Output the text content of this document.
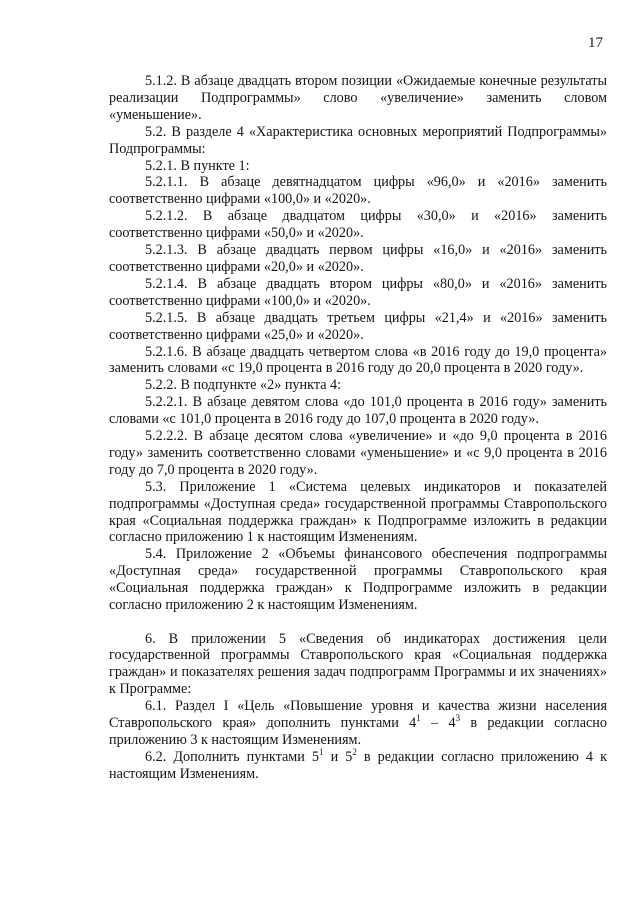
17

5.1.2. В абзаце двадцать втором позиции «Ожидаемые конечные результаты реализации Подпрограммы» слово «увеличение» заменить словом «уменьшение».

5.2. В разделе 4 «Характеристика основных мероприятий Подпрограммы» Подпрограммы:

5.2.1. В пункте 1:

5.2.1.1. В абзаце девятнадцатом цифры «96,0» и «2016» заменить соответственно цифрами «100,0» и «2020».

5.2.1.2. В абзаце двадцатом цифры «30,0» и «2016» заменить соответственно цифрами «50,0» и «2020».

5.2.1.3. В абзаце двадцать первом цифры «16,0» и «2016» заменить соответственно цифрами «20,0» и «2020».

5.2.1.4. В абзаце двадцать втором цифры «80,0» и «2016» заменить соответственно цифрами «100,0» и «2020».

5.2.1.5. В абзаце двадцать третьем цифры «21,4» и «2016» заменить соответственно цифрами «25,0» и «2020».

5.2.1.6. В абзаце двадцать четвертом слова «в 2016 году до 19,0 процента» заменить словами «с 19,0 процента в 2016 году до 20,0 процента в 2020 году».

5.2.2. В подпункте «2» пункта 4:

5.2.2.1. В абзаце девятом слова «до 101,0 процента в 2016 году» заменить словами «с 101,0 процента в 2016 году до 107,0 процента в 2020 году».

5.2.2.2. В абзаце десятом слова «увеличение» и «до 9,0 процента в 2016 году» заменить соответственно словами «уменьшение» и «с 9,0 процента в 2016 году до 7,0 процента в 2020 году».

5.3. Приложение 1 «Система целевых индикаторов и показателей подпрограммы «Доступная среда» государственной программы Ставропольского края «Социальная поддержка граждан» к Подпрограмме изложить в редакции согласно приложению 1 к настоящим Изменениям.

5.4. Приложение 2 «Объемы финансового обеспечения подпрограммы «Доступная среда» государственной программы Ставропольского края «Социальная поддержка граждан» к Подпрограмме изложить в редакции согласно приложению 2 к настоящим Изменениям.

6. В приложении 5 «Сведения об индикаторах достижения цели государственной программы Ставропольского края «Социальная поддержка граждан» и показателях решения задач подпрограмм Программы и их значениях» к Программе:

6.1. Раздел I «Цель «Повышение уровня и качества жизни населения Ставропольского края» дополнить пунктами $4^1 - 4^3$ в редакции согласно приложению 3 к настоящим Изменениям.

6.2. Дополнить пунктами $5^1$ и $5^2$ в редакции согласно приложению 4 к настоящим Изменениям.
